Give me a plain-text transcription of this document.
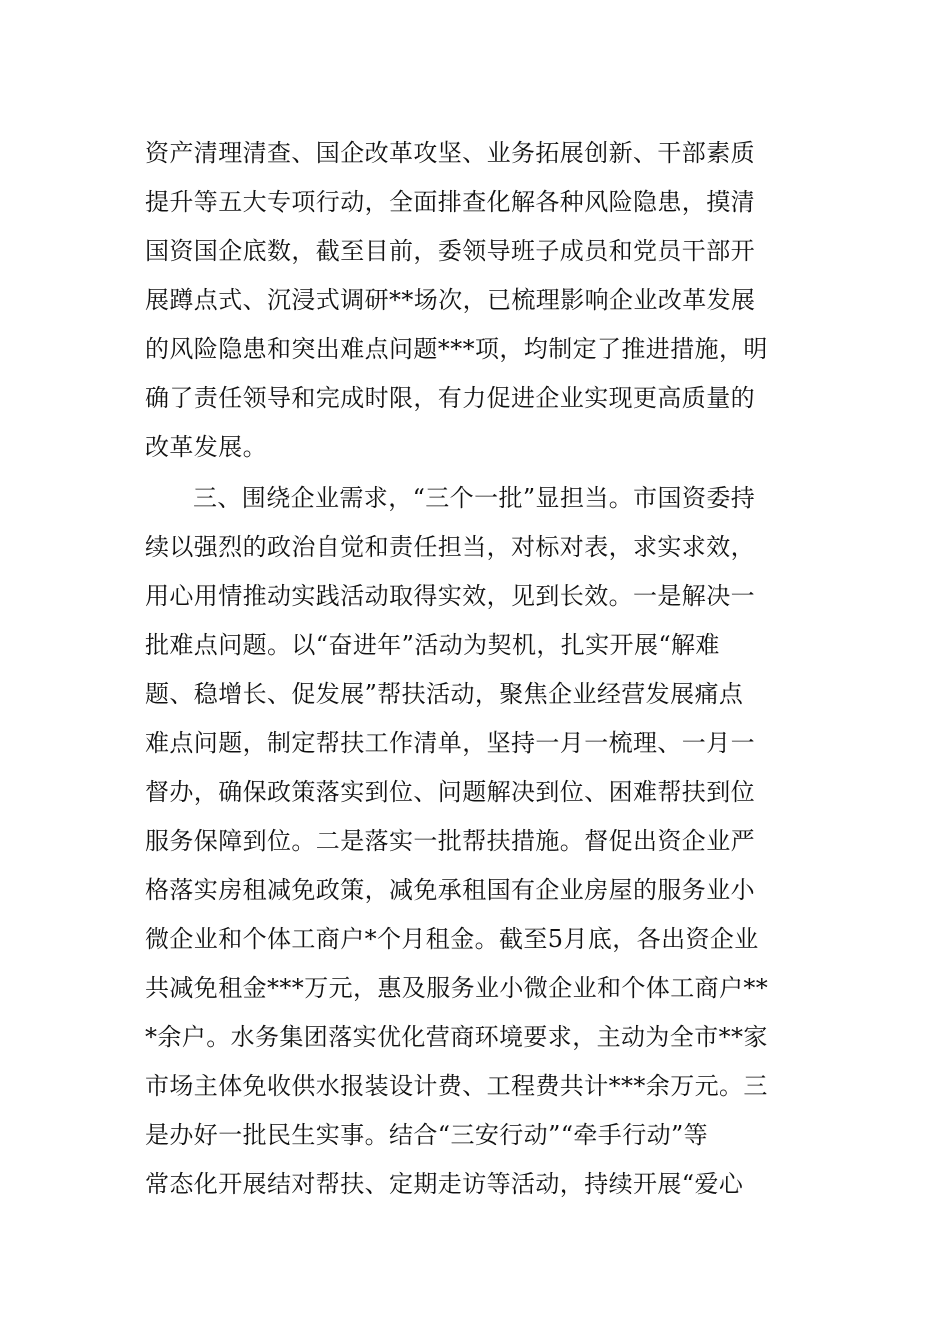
资产清理清查、国企改革攻坚、业务拓展创新、干部素质
提升等五大专项行动，全面排查化解各种风险隐患，摸清
国资国企底数，截至目前，委领导班子成员和党员干部开
展蹲点式、沉浸式调研**场次，已梳理影响企业改革发展
的风险隐患和突出难点问题***项，均制定了推进措施，明
确了责任领导和完成时限，有力促进企业实现更高质量的
改革发展。
三、围绕企业需求，“三个一批”显担当。市国资委持
续以强烈的政治自觉和责任担当，对标对表，求实求效，
用心用情推动实践活动取得实效，见到长效。一是解决一
批难点问题。以“奋进年”活动为契机，扎实开展“解难
题、稳增长、促发展”帮扶活动，聚焦企业经营发展痛点
难点问题，制定帮扶工作清单，坚持一月一梳理、一月一
督办，确保政策落实到位、问题解决到位、困难帮扶到位
服务保障到位。二是落实一批帮扶措施。督促出资企业严
格落实房租减免政策，减免承租国有企业房屋的服务业小
微企业和个体工商户*个月租金。截至5月底，各出资企业
共减免租金***万元，惠及服务业小微企业和个体工商户**
*余户。水务集团落实优化营商环境要求，主动为全市**家
市场主体免收供水报装设计费、工程费共计***余万元。三
是办好一批民生实事。结合“三安行动”“牵手行动”等
常态化开展结对帮扶、定期走访等活动，持续开展“爱心
